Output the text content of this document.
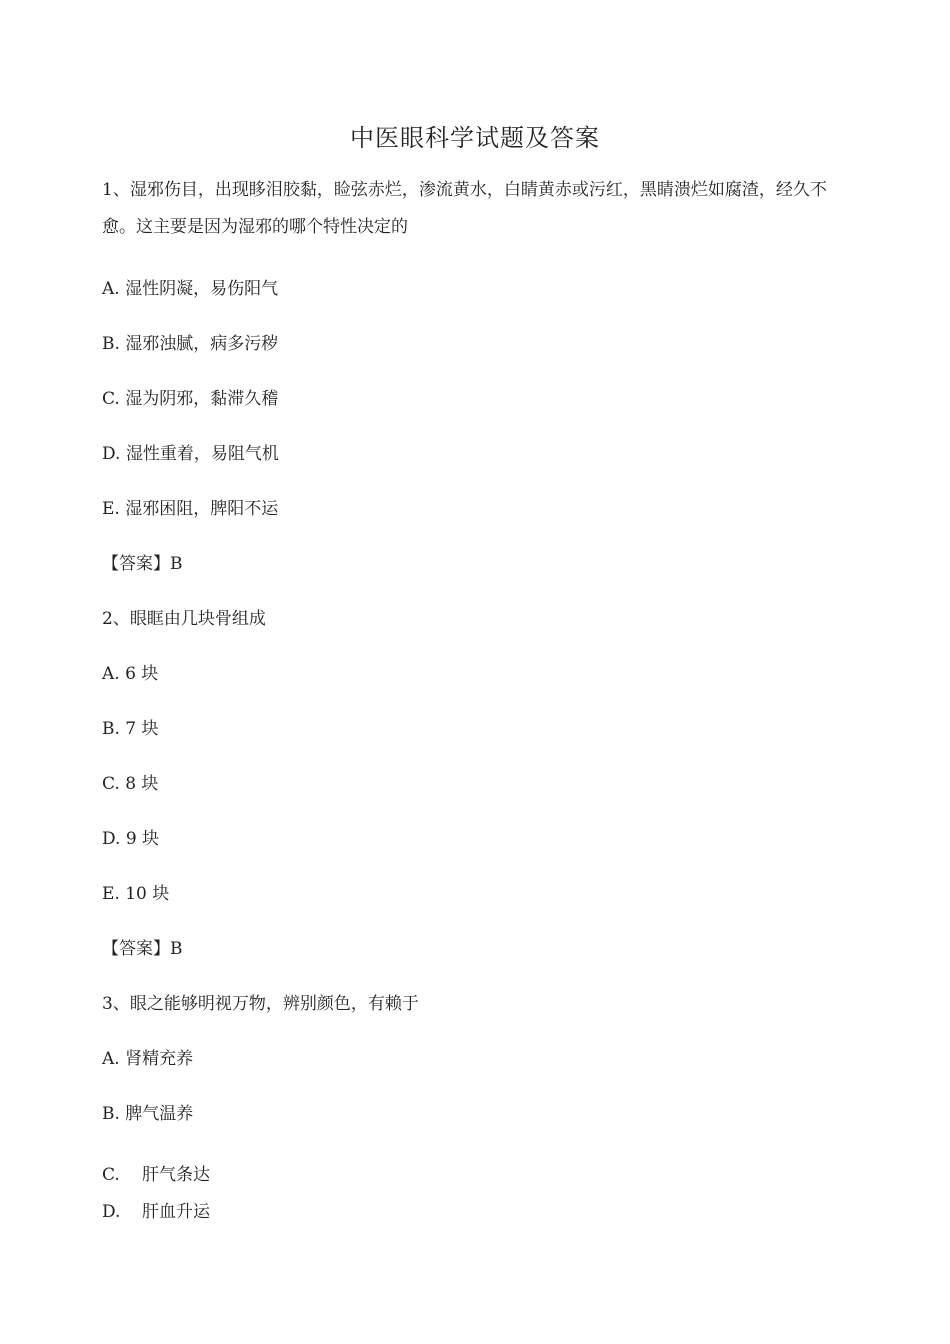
中医眼科学试题及答案
1、湿邪伤目，出现眵泪胶黏，睑弦赤烂，渗流黄水，白睛黄赤或污红，黑睛溃烂如腐渣，经久不愈。这主要是因为湿邪的哪个特性决定的
A. 湿性阴凝，易伤阳气
B. 湿邪浊腻，病多污秽
C. 湿为阴邪，黏滞久稽
D. 湿性重着，易阻气机
E. 湿邪困阻，脾阳不运
【答案】B
2、眼眶由几块骨组成
A. 6 块
B. 7 块
C. 8 块
D. 9 块
E. 10 块
【答案】B
3、眼之能够明视万物，辨别颜色，有赖于
A. 肾精充养
B. 脾气温养
C. 肝气条达
D. 肝血升运
